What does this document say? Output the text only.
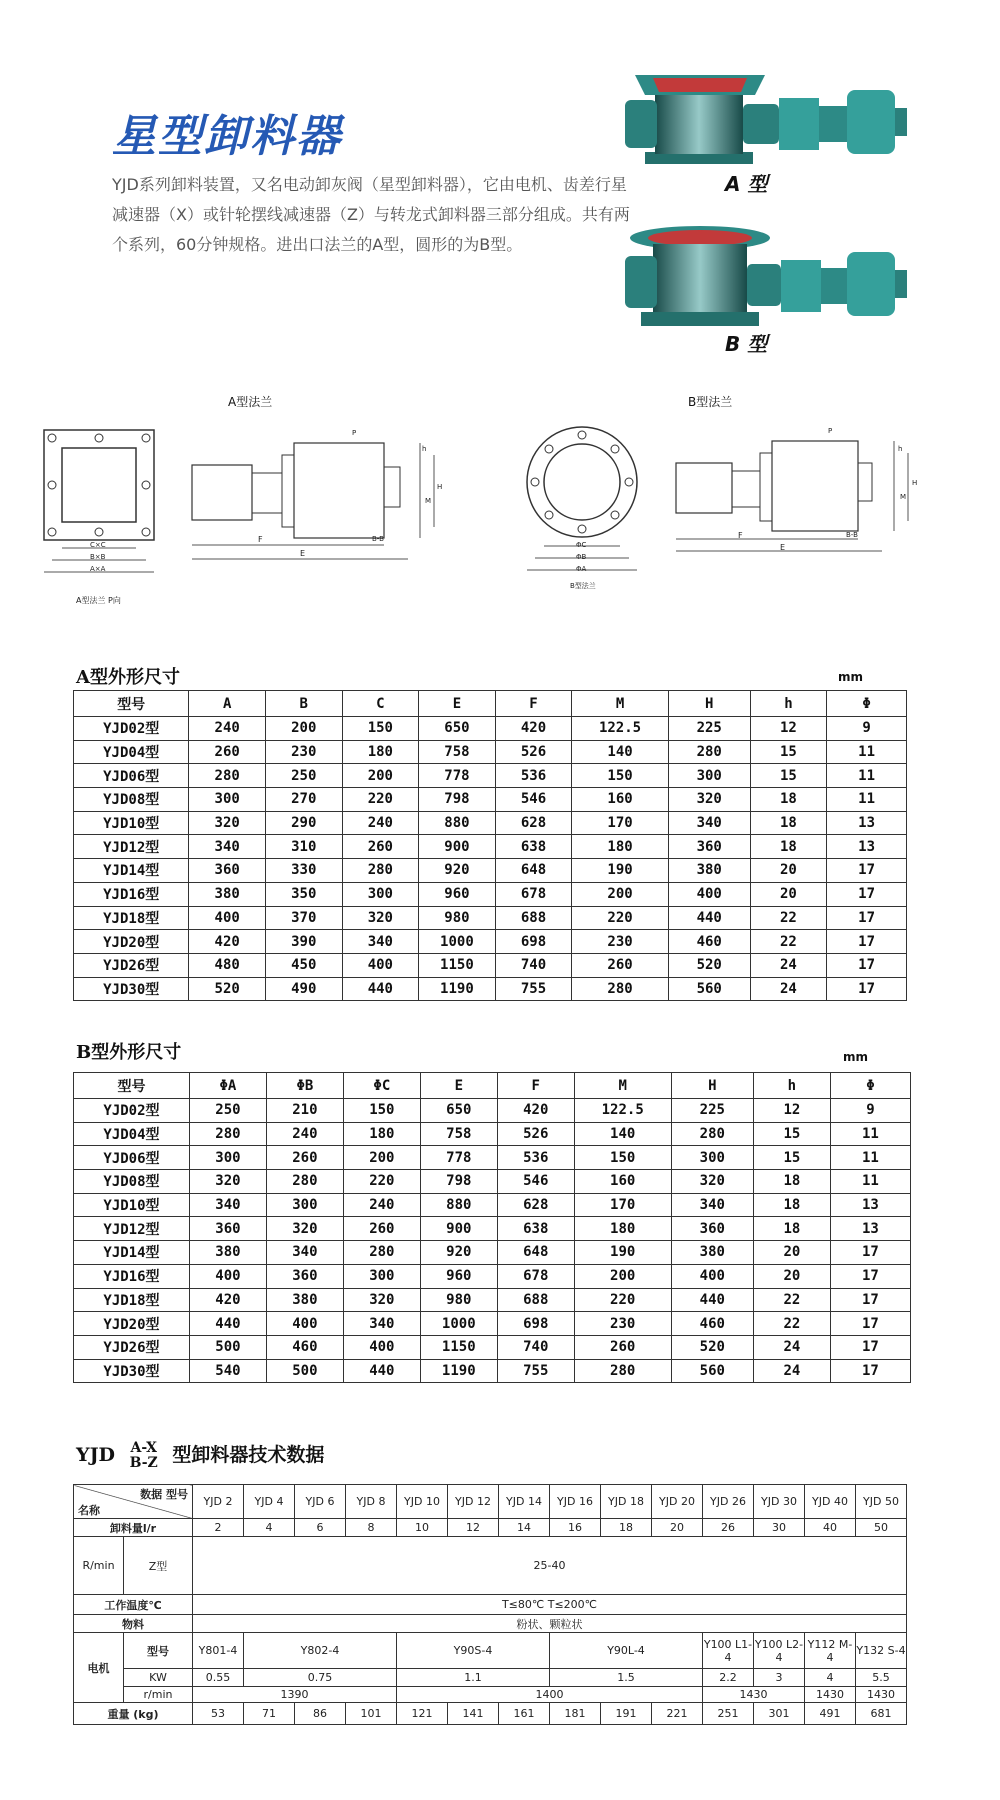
星型卸料器
YJD系列卸料装置，又名电动卸灰阀（星型卸料器），它由电机、齿差行星减速器（X）或针轮摆线减速器（Z）与转龙式卸料器三部分组成。共有两个系列，60分钟规格。进出口法兰的A型，圆形的为B型。
A 型
B 型
A型法兰	B型法兰
C×C
B×B
A×A
A型法兰 P向
F
E
B-B
P
H
M
h
ΦC
ΦB
ΦA
B型法兰
F
E
B-B
P
H
M
h
A型外形尺寸	mm
型号	A	B	C	E	F	M	H	h	Φ
YJD02型	240	200	150	650	420	122.5	225	12	9
YJD04型	260	230	180	758	526	140	280	15	11
YJD06型	280	250	200	778	536	150	300	15	11
YJD08型	300	270	220	798	546	160	320	18	11
YJD10型	320	290	240	880	628	170	340	18	13
YJD12型	340	310	260	900	638	180	360	18	13
YJD14型	360	330	280	920	648	190	380	20	17
YJD16型	380	350	300	960	678	200	400	20	17
YJD18型	400	370	320	980	688	220	440	22	17
YJD20型	420	390	340	1000	698	230	460	22	17
YJD26型	480	450	400	1150	740	260	520	24	17
YJD30型	520	490	440	1190	755	280	560	24	17
B型外形尺寸	mm
型号	ΦA	ΦB	ΦC	E	F	M	H	h	Φ
YJD02型	250	210	150	650	420	122.5	225	12	9
YJD04型	280	240	180	758	526	140	280	15	11
YJD06型	300	260	200	778	536	150	300	15	11
YJD08型	320	280	220	798	546	160	320	18	11
YJD10型	340	300	240	880	628	170	340	18	13
YJD12型	360	320	260	900	638	180	360	18	13
YJD14型	380	340	280	920	648	190	380	20	17
YJD16型	400	360	300	960	678	200	400	20	17
YJD18型	420	380	320	980	688	220	440	22	17
YJD20型	440	400	340	1000	698	230	460	22	17
YJD26型	500	460	400	1150	740	260	520	24	17
YJD30型	540	500	440	1190	755	280	560	24	17
YJD A-X
B-Z 型卸料器技术数据
数据 型号
名称		YJD 2	YJD 4	YJD 6	YJD 8	YJD 10	YJD 12	YJD 14	YJD 16	YJD 18	YJD 20	YJD 26	YJD 30	YJD 40	YJD 50
卸料量l/r		2	4	6	8	10	12	14	16	18	20	26	30	40	50
R/min	Z型	25-40													
工作温度℃		T≤80℃ T≤200℃													
物料		粉状、颗粒状													
电机	型号	Y801-4	Y802-4			Y90S-4			Y90L-4			Y100 L1-4	Y100 L2-4	Y112 M-4	Y132 S-4
	KW	0.55	0.75			1.1			1.5			2.2	3	4	5.5
	r/min	1390				1400						1430		1430	1430
重量 (kg)		53	71	86	101	121	141	161	181	191	221	251	301	491	681
